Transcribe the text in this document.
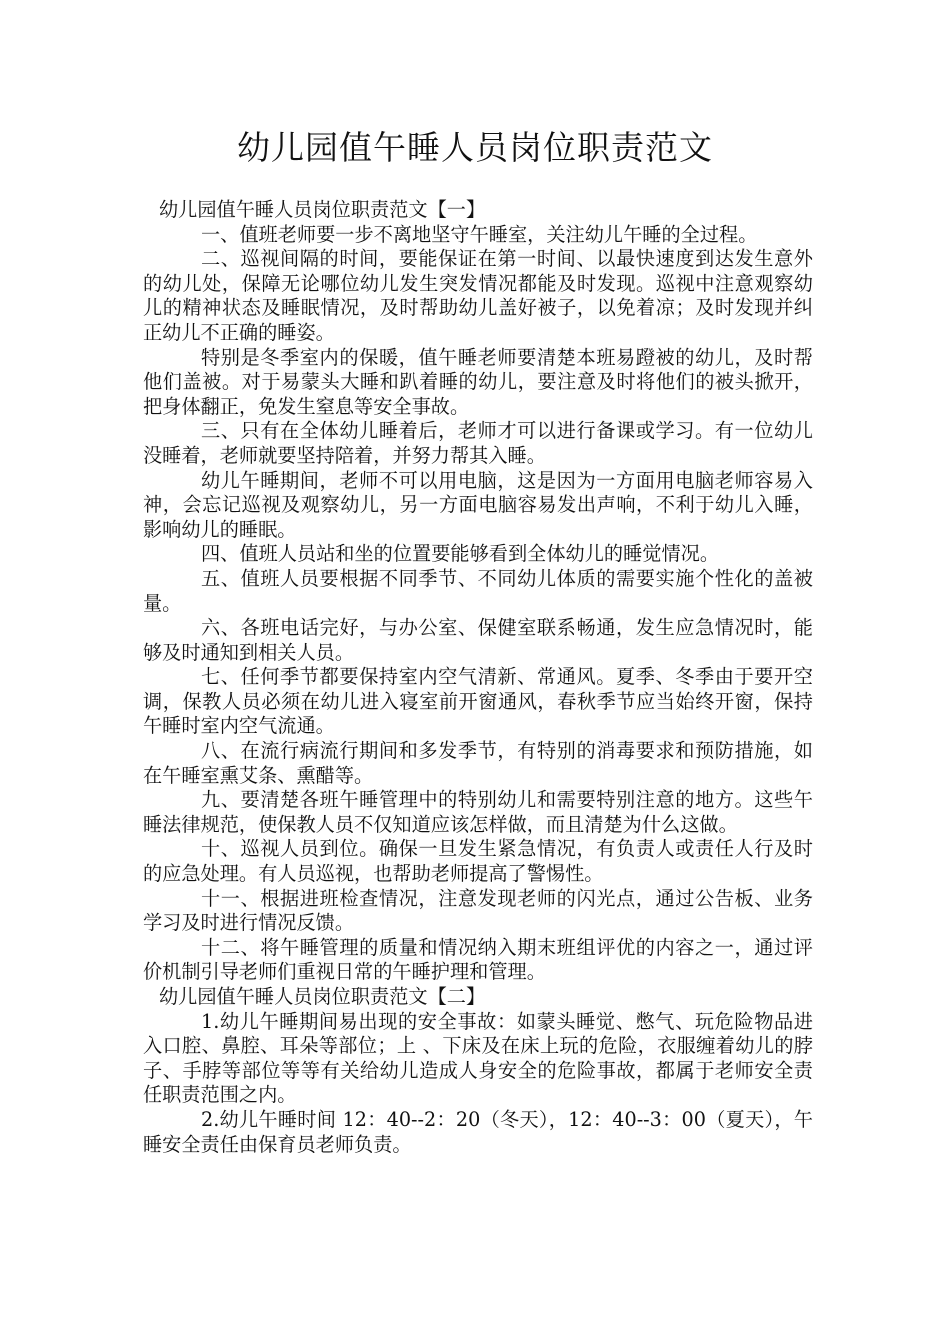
幼儿园值午睡人员岗位职责范文

幼儿园值午睡人员岗位职责范文【一】

一、值班老师要一步不离地坚守午睡室，关注幼儿午睡的全过程。

二、巡视间隔的时间，要能保证在第一时间、以最快速度到达发生意外的幼儿处，保障无论哪位幼儿发生突发情况都能及时发现。巡视中注意观察幼儿的精神状态及睡眠情况，及时帮助幼儿盖好被子，以免着凉；及时发现并纠正幼儿不正确的睡姿。

特别是冬季室内的保暖，值午睡老师要清楚本班易蹬被的幼儿，及时帮他们盖被。对于易蒙头大睡和趴着睡的幼儿，要注意及时将他们的被头掀开，把身体翻正，免发生窒息等安全事故。

三、只有在全体幼儿睡着后，老师才可以进行备课或学习。有一位幼儿没睡着，老师就要坚持陪着，并努力帮其入睡。

幼儿午睡期间，老师不可以用电脑，这是因为一方面用电脑老师容易入神，会忘记巡视及观察幼儿，另一方面电脑容易发出声响，不利于幼儿入睡，影响幼儿的睡眠。

四、值班人员站和坐的位置要能够看到全体幼儿的睡觉情况。

五、值班人员要根据不同季节、不同幼儿体质的需要实施个性化的盖被量。

六、各班电话完好，与办公室、保健室联系畅通，发生应急情况时，能够及时通知到相关人员。

七、任何季节都要保持室内空气清新、常通风。夏季、冬季由于要开空调，保教人员必须在幼儿进入寝室前开窗通风，春秋季节应当始终开窗，保持午睡时室内空气流通。

八、在流行病流行期间和多发季节，有特别的消毒要求和预防措施，如在午睡室熏艾条、熏醋等。

九、要清楚各班午睡管理中的特别幼儿和需要特别注意的地方。这些午睡法律规范，使保教人员不仅知道应该怎样做，而且清楚为什么这做。

十、巡视人员到位。确保一旦发生紧急情况，有负责人或责任人行及时的应急处理。有人员巡视，也帮助老师提高了警惕性。

十一、根据进班检查情况，注意发现老师的闪光点，通过公告板、业务学习及时进行情况反馈。

十二、将午睡管理的质量和情况纳入期末班组评优的内容之一，通过评价机制引导老师们重视日常的午睡护理和管理。

幼儿园值午睡人员岗位职责范文【二】

1.幼儿午睡期间易出现的安全事故：如蒙头睡觉、憋气、玩危险物品进入口腔、鼻腔、耳朵等部位；上 、下床及在床上玩的危险，衣服缠着幼儿的脖子、手脖等部位等等有关给幼儿造成人身安全的危险事故，都属于老师安全责任职责范围之内。

2.幼儿午睡时间 12：40--2：20（冬天），12：40--3：00（夏天），午睡安全责任由保育员老师负责。
